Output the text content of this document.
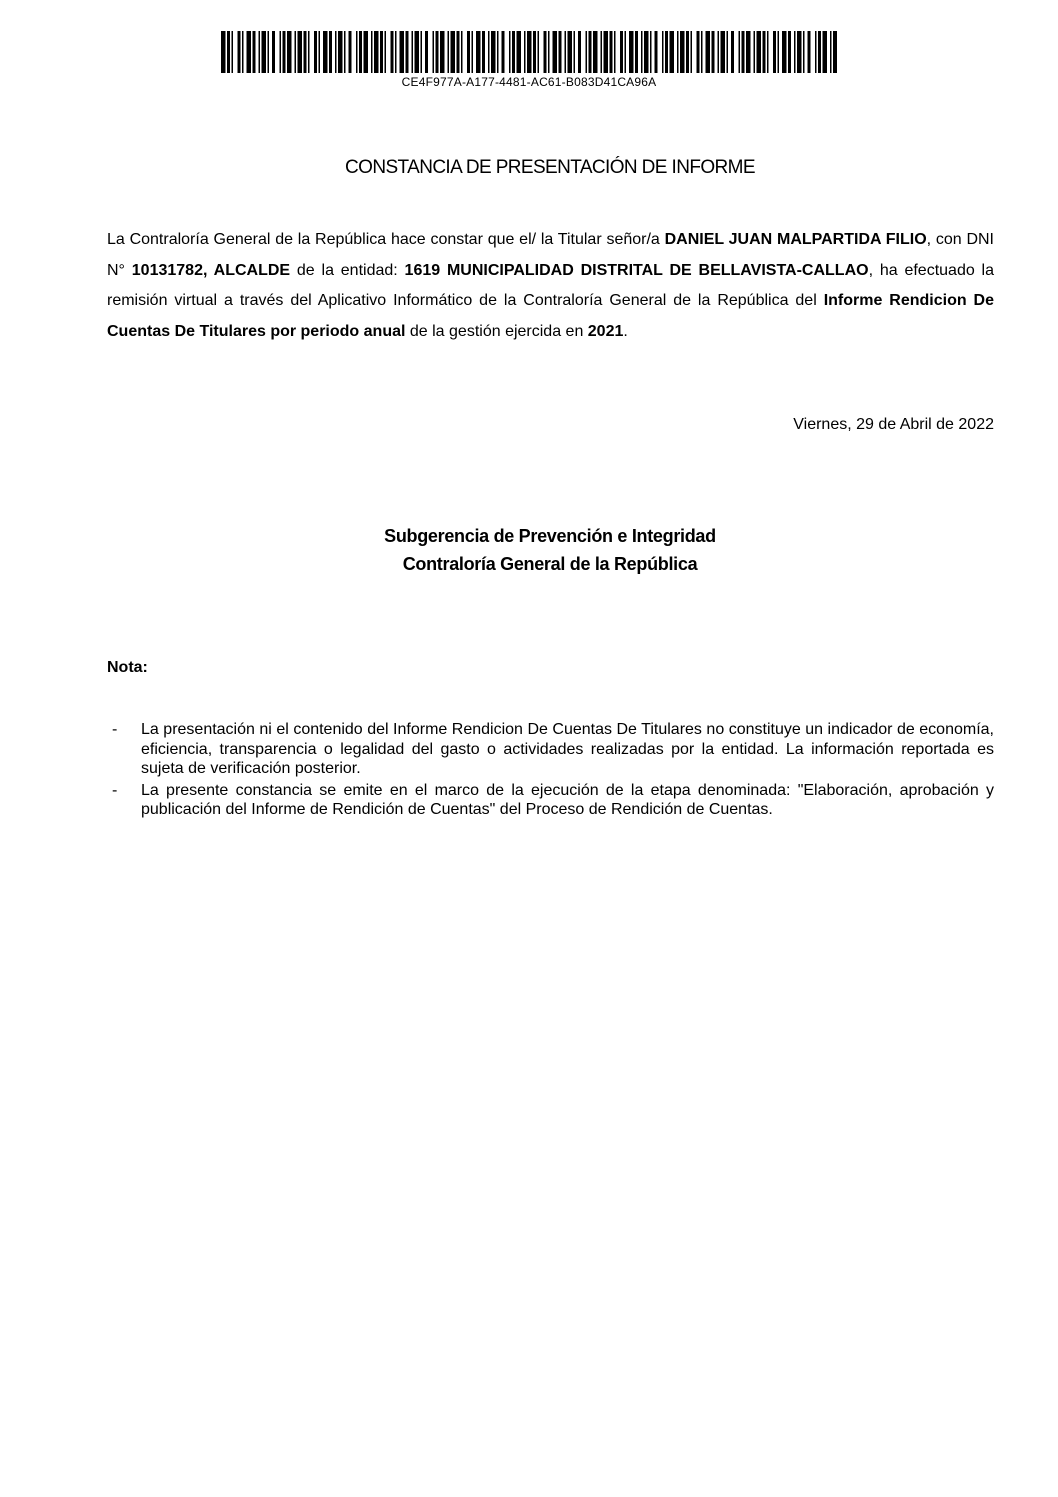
CE4F977A-A177-4481-AC61-B083D41CA96A
CONSTANCIA DE PRESENTACIÓN DE INFORME
La Contraloría General de la República hace constar que el/ la Titular señor/a DANIEL JUAN MALPARTIDA FILIO, con DNI N° 10131782, ALCALDE de la entidad: 1619 MUNICIPALIDAD DISTRITAL DE BELLAVISTA-CALLAO, ha efectuado la remisión virtual a través del Aplicativo Informático de la Contraloría General de la República del Informe Rendicion De Cuentas De Titulares por periodo anual de la gestión ejercida en 2021.
Viernes, 29 de Abril de 2022
Subgerencia de Prevención e Integridad
Contraloría General de la República
Nota:
- La presentación ni el contenido del Informe Rendicion De Cuentas De Titulares no constituye un indicador de economía, eficiencia, transparencia o legalidad del gasto o actividades realizadas por la entidad. La información reportada es sujeta de verificación posterior.
- La presente constancia se emite en el marco de la ejecución de la etapa denominada: "Elaboración, aprobación y publicación del Informe de Rendición de Cuentas" del Proceso de Rendición de Cuentas.
